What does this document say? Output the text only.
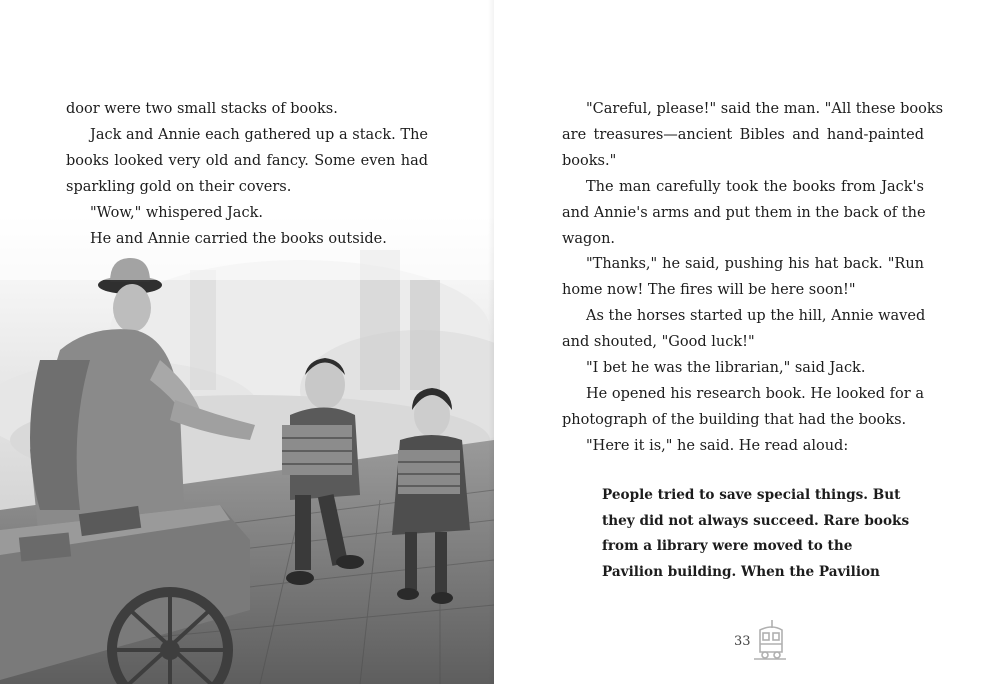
door were two small stacks of books.

Jack and Annie each gathered up a stack. The

books looked very old and fancy. Some even had

sparkling gold on their covers.

"Wow," whispered Jack.

He and Annie carried the books outside.

"Careful, please!" said the man. "All these books

are treasures—ancient Bibles and hand-painted

books."

The man carefully took the books from Jack's

and Annie's arms and put them in the back of the

wagon.

"Thanks," he said, pushing his hat back. "Run

home now! The fires will be here soon!"

As the horses started up the hill, Annie waved

and shouted, "Good luck!"

"I bet he was the librarian," said Jack.

He opened his research book. He looked for a

photograph of the building that had the books.

"Here it is," he said. He read aloud:

People tried to save special things. But

they did not always succeed. Rare books

from a library were moved to the

Pavilion building. When the Pavilion

33
